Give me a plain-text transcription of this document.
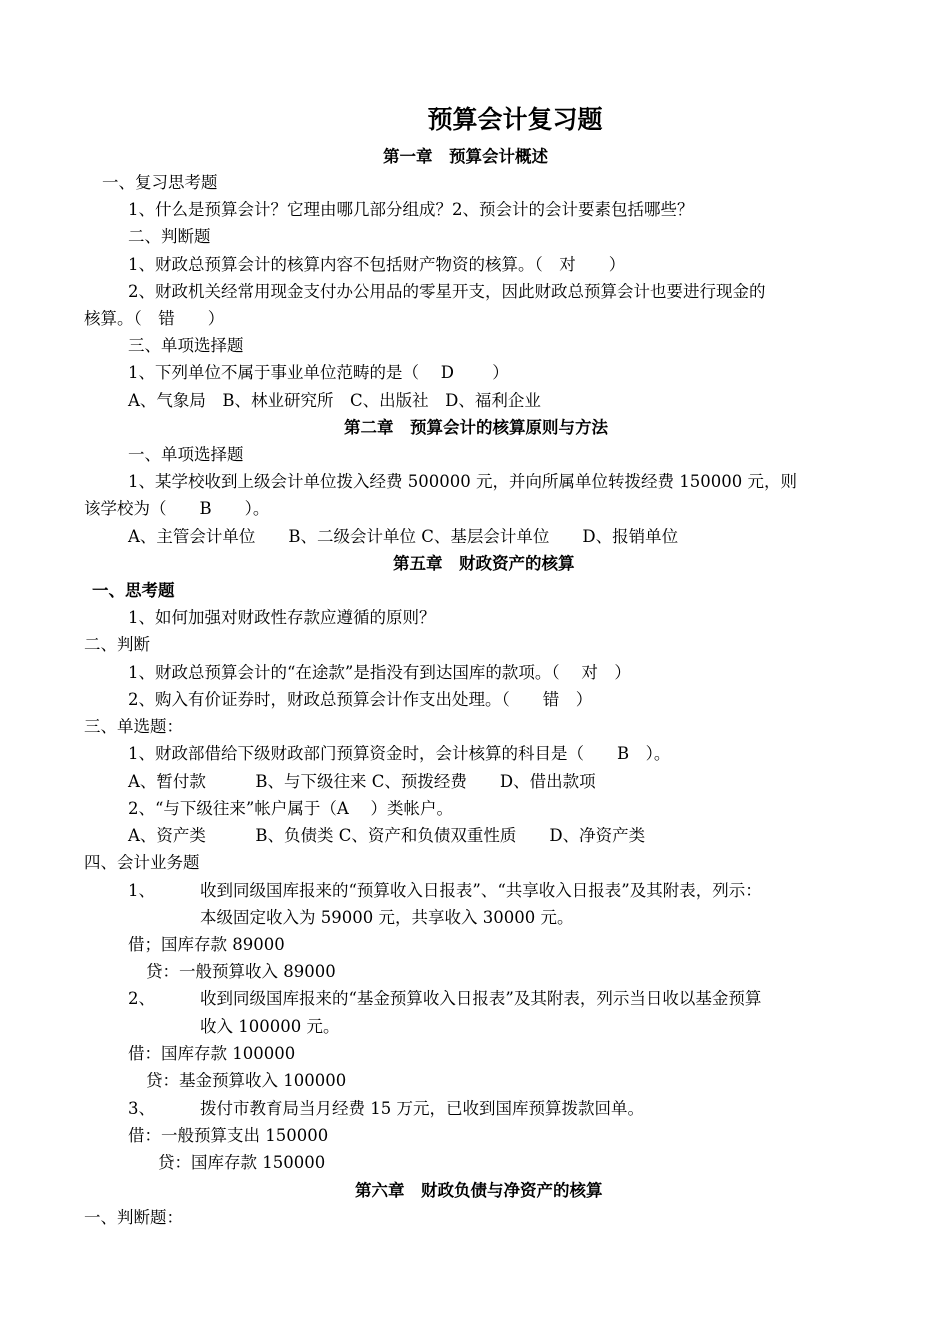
预算会计复习题
第一章　预算会计概述
一、复习思考题
1、什么是预算会计？它理由哪几部分组成？2、预会计的会计要素包括哪些？
二、判断题
1、财政总预算会计的核算内容不包括财产物资的核算。（　对　　）
2、财政机关经常用现金支付办公用品的零星开支，因此财政总预算会计也要进行现金的
核算。（　错　　）
三、单项选择题
1、下列单位不属于事业单位范畴的是（　 D　　 ）
A、气象局　B、林业研究所　C、出版社　D、福利企业
第二章　预算会计的核算原则与方法
一、单项选择题
1、某学校收到上级会计单位拨入经费 500000 元，并向所属单位转拨经费 150000 元，则
该学校为（　　B　　）。
A、主管会计单位　　B、二级会计单位 C、基层会计单位　　D、报销单位
第五章　财政资产的核算
一、思考题
1、如何加强对财政性存款应遵循的原则？
二、判断
1、财政总预算会计的“在途款”是指没有到达国库的款项。（　 对　）
2、购入有价证券时，财政总预算会计作支出处理。（　　错　）
三、单选题：
1、财政部借给下级财政部门预算资金时，会计核算的科目是（　　B　）。
A、暂付款　　　B、与下级往来 C、预拨经费　　D、借出款项
2、“与下级往来”帐户属于（A　 ）类帐户。
A、资产类　　　B、负债类 C、资产和负债双重性质　　D、净资产类
四、会计业务题
1、	收到同级国库报来的“预算收入日报表”、“共享收入日报表”及其附表，列示：
本级固定收入为 59000 元，共享收入 30000 元。
借；国库存款 89000
贷：一般预算收入 89000
2、	收到同级国库报来的“基金预算收入日报表”及其附表，列示当日收以基金预算
收入 100000 元。
借：国库存款 100000
贷：基金预算收入 100000
3、	拨付市教育局当月经费 15 万元，已收到国库预算拨款回单。
借：一般预算支出 150000
贷：国库存款 150000
第六章　财政负债与净资产的核算
一、判断题：
